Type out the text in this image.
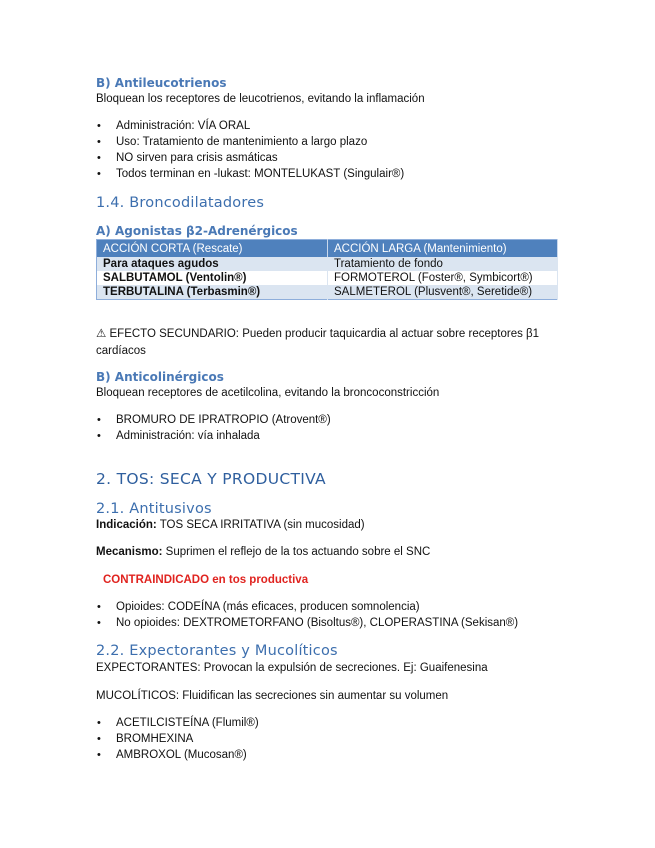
B) Antileucotrienos
Bloquean los receptores de leucotrienos, evitando la inflamación
• Administración: VÍA ORAL
• Uso: Tratamiento de mantenimiento a largo plazo
• NO sirven para crisis asmáticas
• Todos terminan en -lukast: MONTELUKAST (Singulair®)
1.4. Broncodilatadores
A) Agonistas β2-Adrenérgicos
ACCIÓN CORTA (Rescate)	ACCIÓN LARGA (Mantenimiento)
Para ataques agudos	Tratamiento de fondo
SALBUTAMOL (Ventolin®)	FORMOTEROL (Foster®, Symbicort®)
TERBUTALINA (Terbasmin®)	SALMETEROL (Plusvent®, Seretide®)
⚠ EFECTO SECUNDARIO: Pueden producir taquicardia al actuar sobre receptores β1 cardíacos
B) Anticolinérgicos
Bloquean receptores de acetilcolina, evitando la broncoconstricción
• BROMURO DE IPRATROPIO (Atrovent®)
• Administración: vía inhalada
2. TOS: SECA Y PRODUCTIVA
2.1. Antitusivos
Indicación: TOS SECA IRRITATIVA (sin mucosidad)
Mecanismo: Suprimen el reflejo de la tos actuando sobre el SNC
CONTRAINDICADO en tos productiva
• Opioides: CODEÍNA (más eficaces, producen somnolencia)
• No opioides: DEXTROMETORFANO (Bisoltus®), CLOPERASTINA (Sekisan®)
2.2. Expectorantes y Mucolíticos
EXPECTORANTES: Provocan la expulsión de secreciones. Ej: Guaifenesina
MUCOLÍTICOS: Fluidifican las secreciones sin aumentar su volumen
• ACETILCISTEÍNA (Flumil®)
• BROMHEXINA
• AMBROXOL (Mucosan®)
